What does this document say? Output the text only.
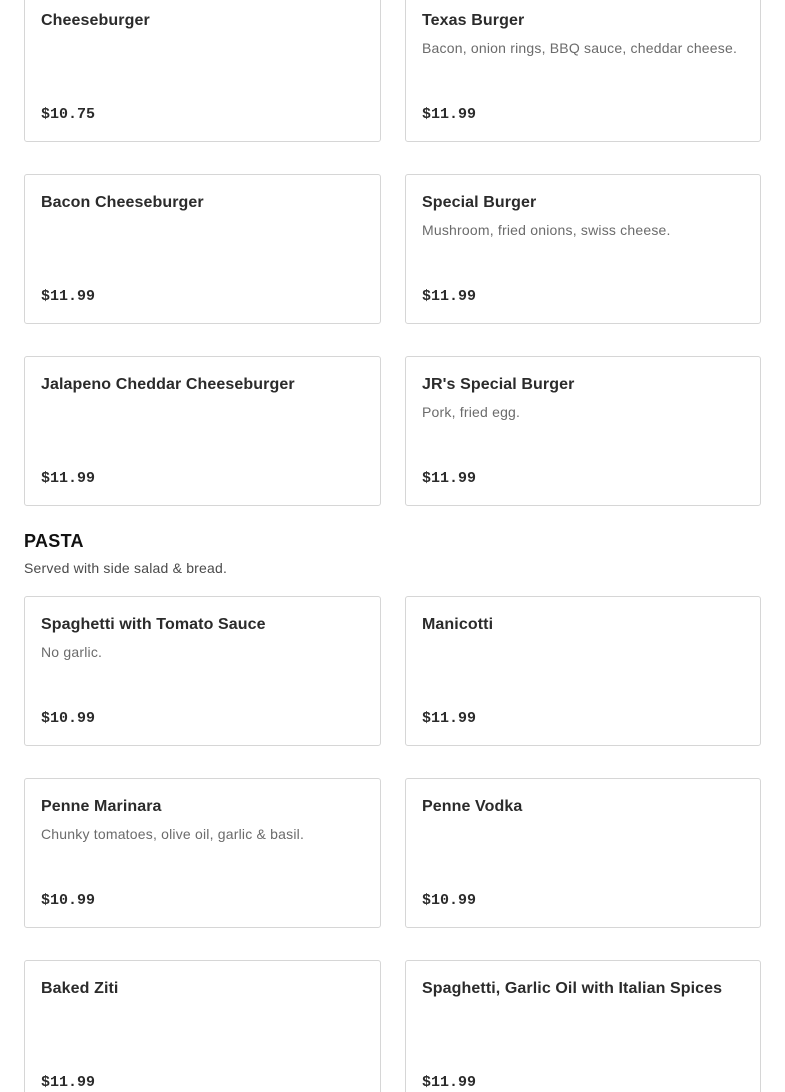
Cheeseburger
$10.75
Texas Burger
Bacon, onion rings, BBQ sauce, cheddar cheese.
$11.99
Bacon Cheeseburger
$11.99
Special Burger
Mushroom, fried onions, swiss cheese.
$11.99
Jalapeno Cheddar Cheeseburger
$11.99
JR's Special Burger
Pork, fried egg.
$11.99
PASTA

Served with side salad & bread.

Spaghetti with Tomato Sauce
No garlic.
$10.99
Manicotti
$11.99
Penne Marinara
Chunky tomatoes, olive oil, garlic & basil.
$10.99
Penne Vodka
$10.99
Baked Ziti
$11.99
Spaghetti, Garlic Oil with Italian Spices
$11.99
